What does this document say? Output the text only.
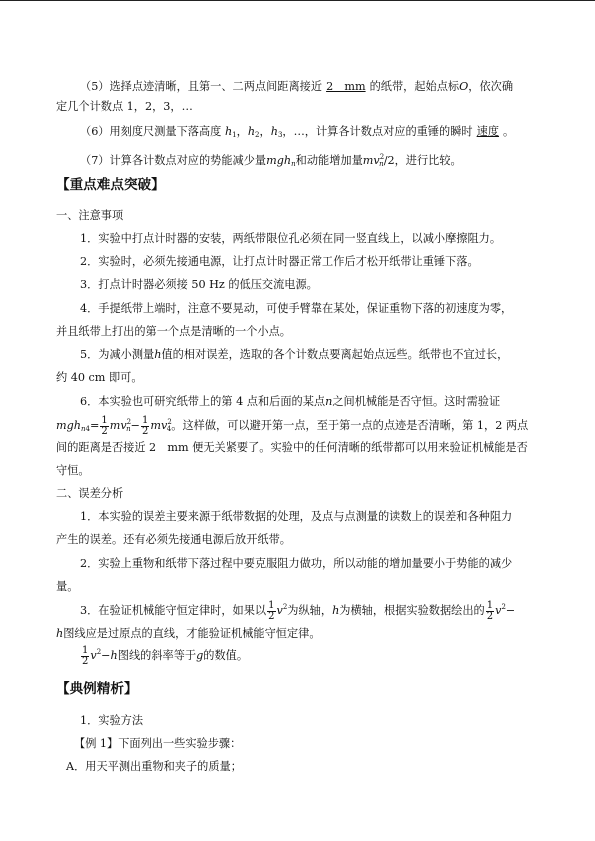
（5）选择点迹清晰，且第一、二两点间距离接近 2　mm 的纸带，起始点标O，依次确
定几个计数点 1，2，3，…
（6）用刻度尺测量下落高度 $h_1$，$h_2$，$h_3$，…，计算各计数点对应的重锤的瞬时 速度 。
（7）计算各计数点对应的势能减少量mgh$_n$和动能增加量$mv^2_n/2$，进行比较。
【重点难点突破】
一、注意事项
1．实验中打点计时器的安装，两纸带限位孔必须在同一竖直线上，以减小摩擦阻力。
2．实验时，必须先接通电源，让打点计时器正常工作后才松开纸带让重锤下落。
3．打点计时器必须接 50 Hz 的低压交流电源。
4．手提纸带上端时，注意不要晃动，可使手臂靠在某处，保证重物下落的初速度为零，
并且纸带上打出的第一个点是清晰的一个小点。
5．为减小测量h值的相对误差，选取的各个计数点要离起始点远些。纸带也不宜过长，
约 40 cm 即可。
6．本实验也可研究纸带上的第 4 点和后面的某点n之间机械能是否守恒。这时需验证
$mgh_{n4}= \frac{1}{2} mv^2_n- \frac{1}{2} mv^2_4$。这样做，可以避开第一点，至于第一点的点迹是否清晰，第 1，2 两点
间的距离是否接近 2　mm 便无关紧要了。实验中的任何清晰的纸带都可以用来验证机械能是否
守恒。
二、误差分析
1．本实验的误差主要来源于纸带数据的处理，及点与点测量的读数上的误差和各种阻力
产生的误差。还有必须先接通电源后放开纸带。
2．实验上重物和纸带下落过程中要克服阻力做功，所以动能的增加量要小于势能的减少
量。
3．在验证机械能守恒定律时，如果以 $\frac{1}{2} v^2$为纵轴，h为横轴，根据实验数据绘出的 $\frac{1}{2} v^2-$
h图线应是过原点的直线，才能验证机械能守恒定律。
$\frac{1}{2} v^2-h$图线的斜率等于g的数值。
【典例精析】
1．实验方法
【例 1】下面列出一些实验步骤：
A．用天平测出重物和夹子的质量；
